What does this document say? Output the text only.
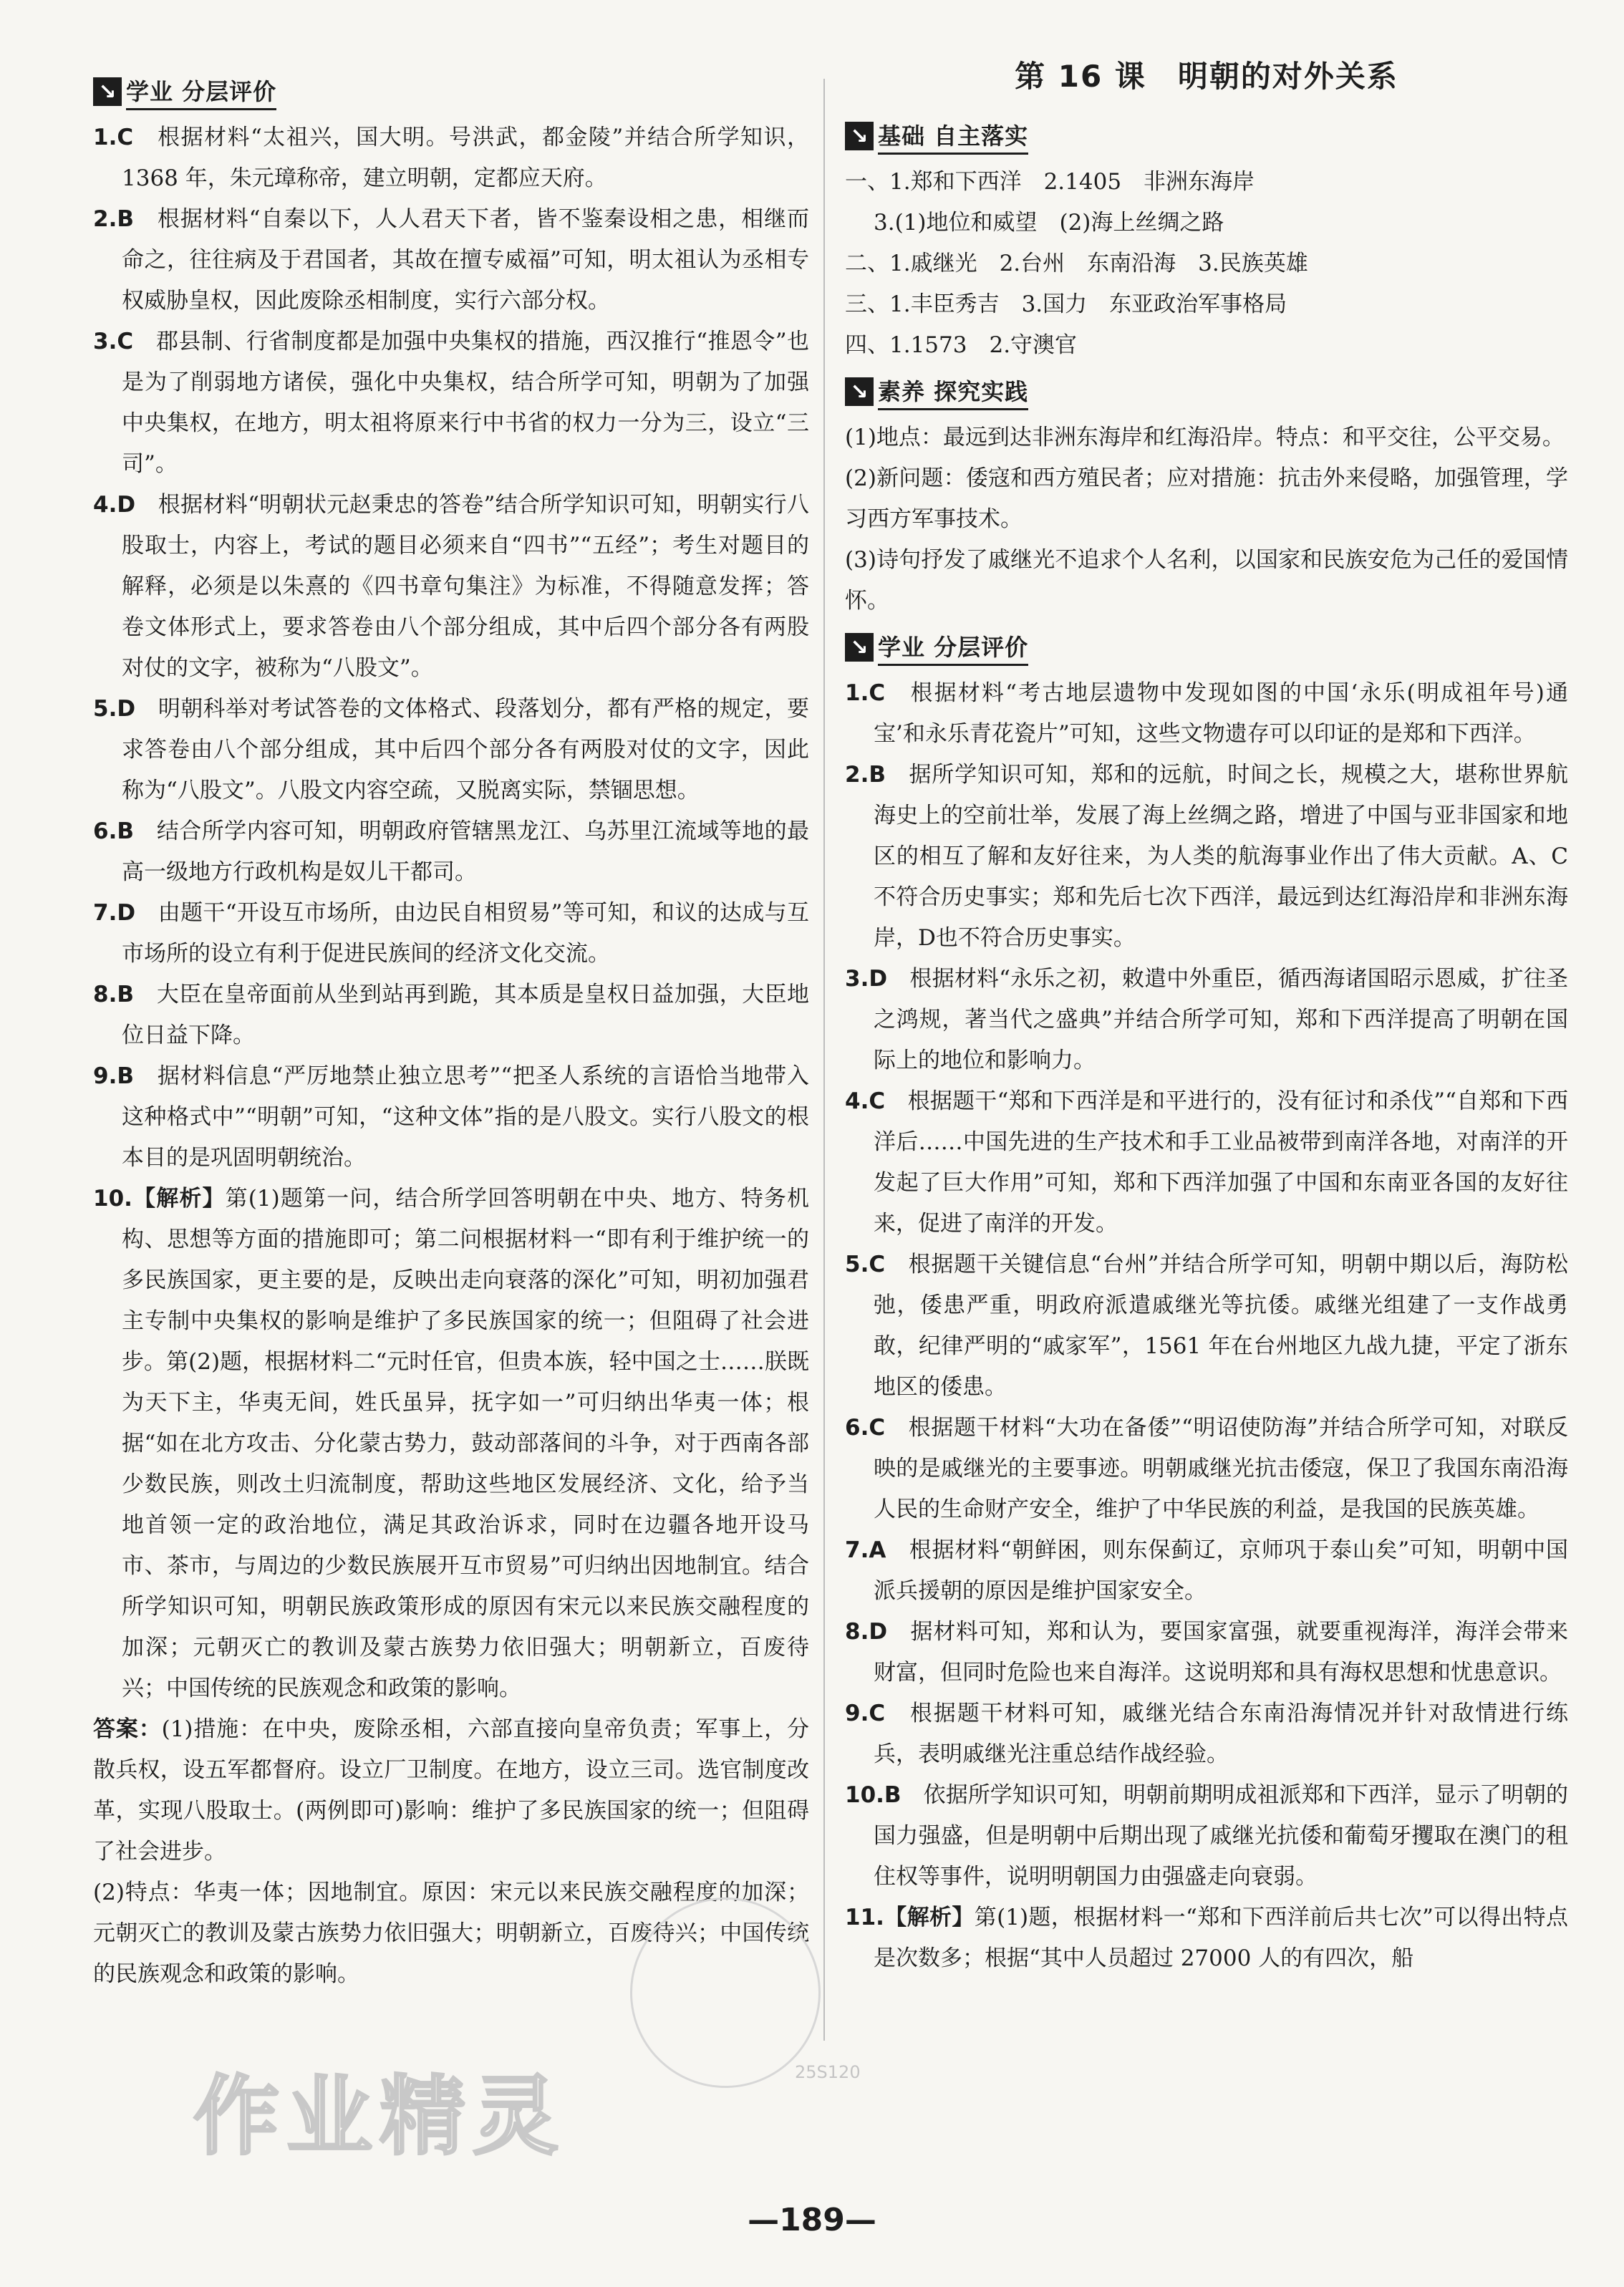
↘ 学业 分层评价

1.C　 根据材料“太祖兴，国大明。号洪武，都金陵”并结合所学知识，1368 年，朱元璋称帝，建立明朝，定都应天府。

2.B　 根据材料“自秦以下，人人君天下者，皆不鉴秦设相之患，相继而命之，往往病及于君国者，其故在擅专威福”可知，明太祖认为丞相专权威胁皇权，因此废除丞相制度，实行六部分权。

3.C　 郡县制、行省制度都是加强中央集权的措施，西汉推行“推恩令”也是为了削弱地方诸侯，强化中央集权，结合所学可知，明朝为了加强中央集权，在地方，明太祖将原来行中书省的权力一分为三，设立“三司”。

4.D　 根据材料“明朝状元赵秉忠的答卷”结合所学知识可知，明朝实行八股取士，内容上，考试的题目必须来自“四书”“五经”；考生对题目的解释，必须是以朱熹的《四书章句集注》为标准，不得随意发挥；答卷文体形式上，要求答卷由八个部分组成，其中后四个部分各有两股对仗的文字，被称为“八股文”。

5.D　 明朝科举对考试答卷的文体格式、段落划分，都有严格的规定，要求答卷由八个部分组成，其中后四个部分各有两股对仗的文字，因此称为“八股文”。八股文内容空疏，又脱离实际，禁锢思想。

6.B　 结合所学内容可知，明朝政府管辖黑龙江、乌苏里江流域等地的最高一级地方行政机构是奴儿干都司。

7.D　 由题干“开设互市场所，由边民自相贸易”等可知，和议的达成与互市场所的设立有利于促进民族间的经济文化交流。

8.B　 大臣在皇帝面前从坐到站再到跪，其本质是皇权日益加强，大臣地位日益下降。

9.B　 据材料信息“严厉地禁止独立思考”“把圣人系统的言语恰当地带入这种格式中”“明朝”可知，“这种文体”指的是八股文。实行八股文的根本目的是巩固明朝统治。

10.【解析】第(1)题第一问，结合所学回答明朝在中央、地方、特务机构、思想等方面的措施即可；第二问根据材料一“即有利于维护统一的多民族国家，更主要的是，反映出走向衰落的深化”可知，明初加强君主专制中央集权的影响是维护了多民族国家的统一；但阻碍了社会进步。第(2)题，根据材料二“元时任官，但贵本族，轻中国之士……朕既为天下主，华夷无间，姓氏虽异，抚字如一”可归纳出华夷一体；根据“如在北方攻击、分化蒙古势力，鼓动部落间的斗争，对于西南各部少数民族，则改土归流制度，帮助这些地区发展经济、文化，给予当地首领一定的政治地位，满足其政治诉求，同时在边疆各地开设马市、茶市，与周边的少数民族展开互市贸易”可归纳出因地制宜。结合所学知识可知，明朝民族政策形成的原因有宋元以来民族交融程度的加深；元朝灭亡的教训及蒙古族势力依旧强大；明朝新立，百废待兴；中国传统的民族观念和政策的影响。

答案：(1)措施：在中央，废除丞相，六部直接向皇帝负责；军事上，分散兵权，设五军都督府。设立厂卫制度。在地方，设立三司。选官制度改革，实现八股取士。(两例即可)影响：维护了多民族国家的统一；但阻碍了社会进步。

(2)特点：华夷一体；因地制宜。原因：宋元以来民族交融程度的加深；元朝灭亡的教训及蒙古族势力依旧强大；明朝新立，百废待兴；中国传统的民族观念和政策的影响。

第 16 课　明朝的对外关系
↘ 基础 自主落实

一、1.郑和下西洋　2.1405　非洲东海岸

3.(1)地位和威望　(2)海上丝绸之路

二、1.戚继光　2.台州　东南沿海　3.民族英雄

三、1.丰臣秀吉　3.国力　东亚政治军事格局

四、1.1573　2.守澳官

↘ 素养 探究实践

(1)地点：最远到达非洲东海岸和红海沿岸。特点：和平交往，公平交易。

(2)新问题：倭寇和西方殖民者；应对措施：抗击外来侵略，加强管理，学习西方军事技术。

(3)诗句抒发了戚继光不追求个人名利，以国家和民族安危为己任的爱国情怀。

↘ 学业 分层评价

1.C　 根据材料“考古地层遗物中发现如图的中国‘永乐(明成祖年号)通宝’和永乐青花瓷片”可知，这些文物遗存可以印证的是郑和下西洋。

2.B　 据所学知识可知，郑和的远航，时间之长，规模之大，堪称世界航海史上的空前壮举，发展了海上丝绸之路，增进了中国与亚非国家和地区的相互了解和友好往来，为人类的航海事业作出了伟大贡献。A、C不符合历史事实；郑和先后七次下西洋，最远到达红海沿岸和非洲东海岸，D也不符合历史事实。

3.D　 根据材料“永乐之初，敕遣中外重臣，循西海诸国昭示恩威，扩往圣之鸿规，著当代之盛典”并结合所学可知，郑和下西洋提高了明朝在国际上的地位和影响力。

4.C　 根据题干“郑和下西洋是和平进行的，没有征讨和杀伐”“自郑和下西洋后……中国先进的生产技术和手工业品被带到南洋各地，对南洋的开发起了巨大作用”可知，郑和下西洋加强了中国和东南亚各国的友好往来，促进了南洋的开发。

5.C　 根据题干关键信息“台州”并结合所学可知，明朝中期以后，海防松弛，倭患严重，明政府派遣戚继光等抗倭。戚继光组建了一支作战勇敢，纪律严明的“戚家军”，1561 年在台州地区九战九捷，平定了浙东地区的倭患。

6.C　 根据题干材料“大功在备倭”“明诏使防海”并结合所学可知，对联反映的是戚继光的主要事迹。明朝戚继光抗击倭寇，保卫了我国东南沿海人民的生命财产安全，维护了中华民族的利益，是我国的民族英雄。

7.A　 根据材料“朝鲜困，则东保蓟辽，京师巩于泰山矣”可知，明朝中国派兵援朝的原因是维护国家安全。

8.D　 据材料可知，郑和认为，要国家富强，就要重视海洋，海洋会带来财富，但同时危险也来自海洋。这说明郑和具有海权思想和忧患意识。

9.C　 根据题干材料可知，戚继光结合东南沿海情况并针对敌情进行练兵，表明戚继光注重总结作战经验。

10.B　 依据所学知识可知，明朝前期明成祖派郑和下西洋，显示了明朝的国力强盛，但是明朝中后期出现了戚继光抗倭和葡萄牙攫取在澳门的租住权等事件，说明明朝国力由强盛走向衰弱。

11.【解析】第(1)题，根据材料一“郑和下西洋前后共七次”可以得出特点是次数多；根据“其中人员超过 27000 人的有四次，船

25S120
作业精灵
—189—
